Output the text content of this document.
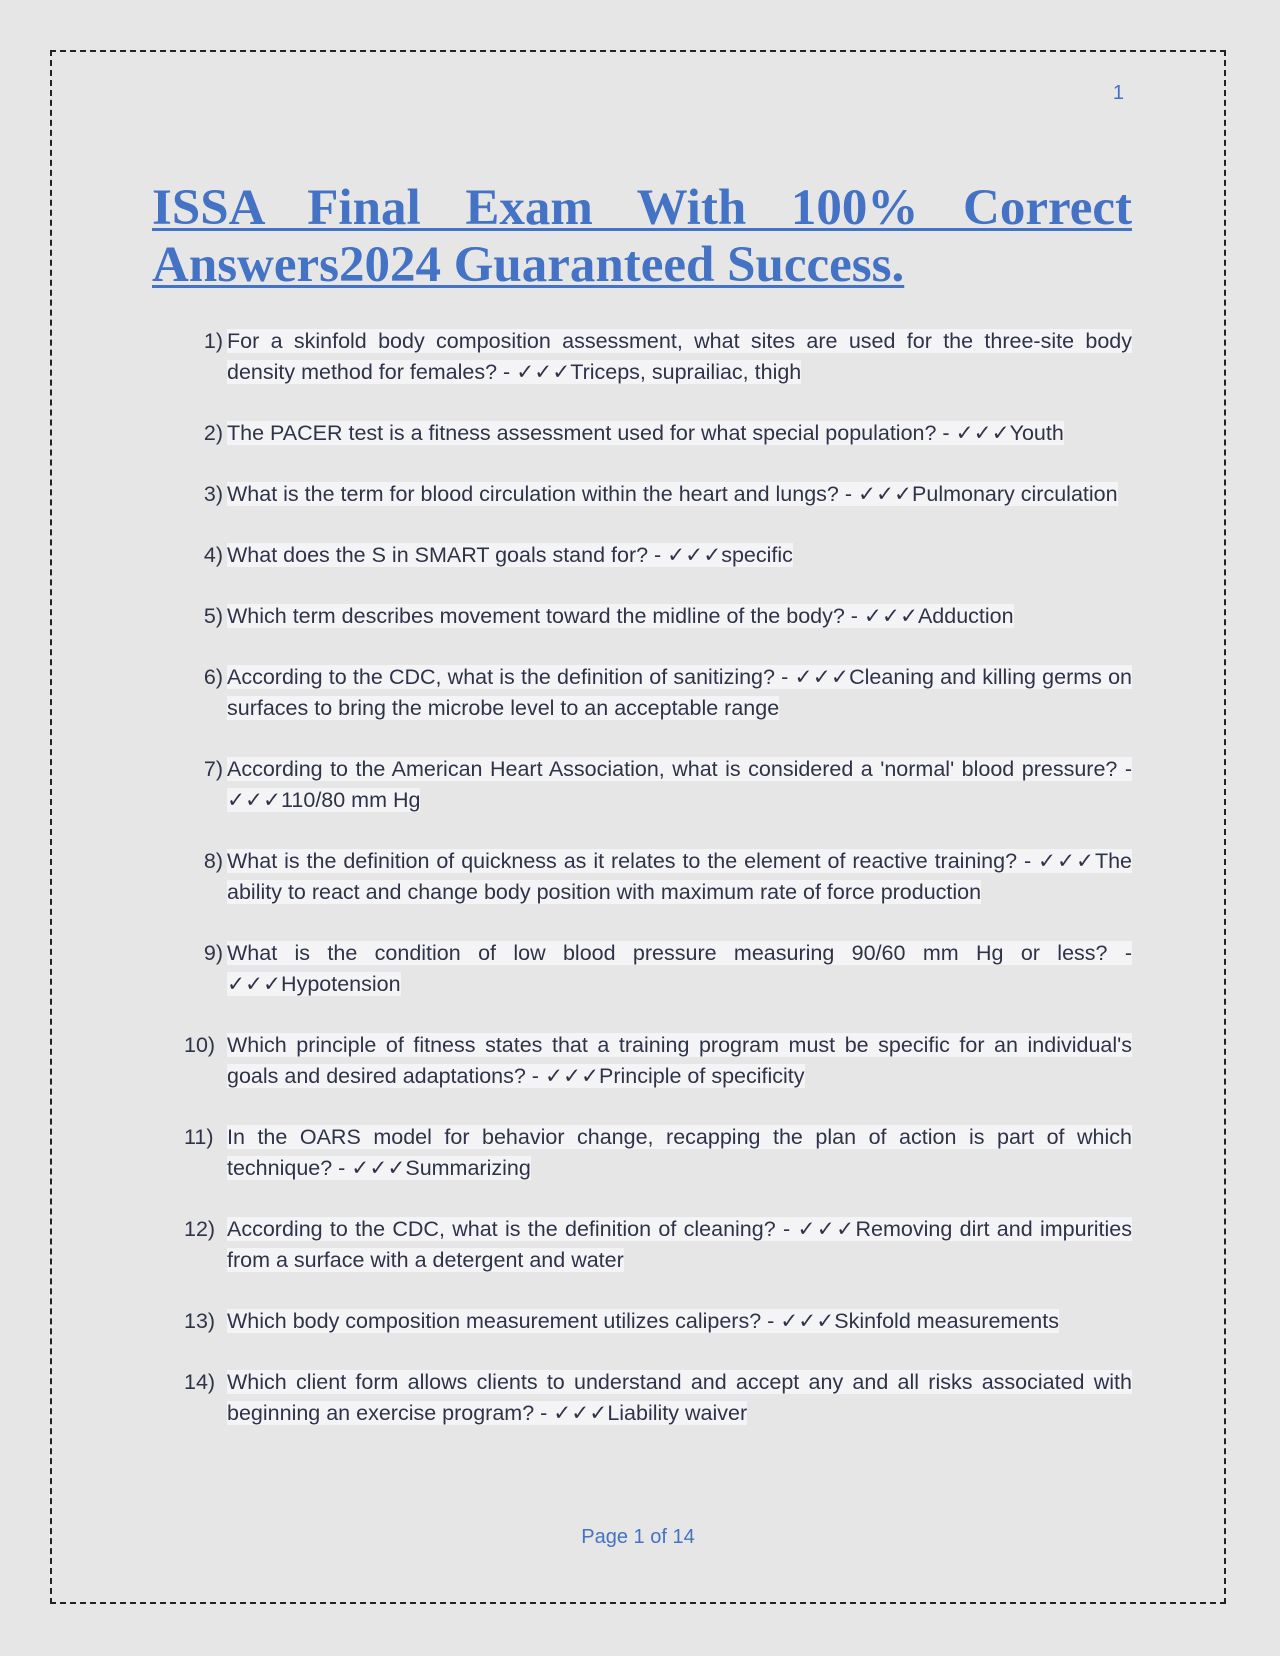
1
ISSA Final Exam With 100% Correct
Answers2024 Guaranteed Success.
1) For a skinfold body composition assessment, what sites are used for the three-site body density method for females? - ✓✓✓Triceps, suprailiac, thigh
2) The PACER test is a fitness assessment used for what special population? - ✓✓✓Youth
3) What is the term for blood circulation within the heart and lungs? - ✓✓✓Pulmonary circulation
4) What does the S in SMART goals stand for? - ✓✓✓specific
5) Which term describes movement toward the midline of the body? - ✓✓✓Adduction
6) According to the CDC, what is the definition of sanitizing? - ✓✓✓Cleaning and killing germs on surfaces to bring the microbe level to an acceptable range
7) According to the American Heart Association, what is considered a 'normal' blood pressure? - ✓✓✓110/80 mm Hg
8) What is the definition of quickness as it relates to the element of reactive training? - ✓✓✓The ability to react and change body position with maximum rate of force production
9) What is the condition of low blood pressure measuring 90/60 mm Hg or less? - ✓✓✓Hypotension
10) Which principle of fitness states that a training program must be specific for an individual's goals and desired adaptations? - ✓✓✓Principle of specificity
11) In the OARS model for behavior change, recapping the plan of action is part of which technique? - ✓✓✓Summarizing
12) According to the CDC, what is the definition of cleaning? - ✓✓✓Removing dirt and impurities from a surface with a detergent and water
13) Which body composition measurement utilizes calipers? - ✓✓✓Skinfold measurements
14) Which client form allows clients to understand and accept any and all risks associated with beginning an exercise program? - ✓✓✓Liability waiver
Page 1 of 14
